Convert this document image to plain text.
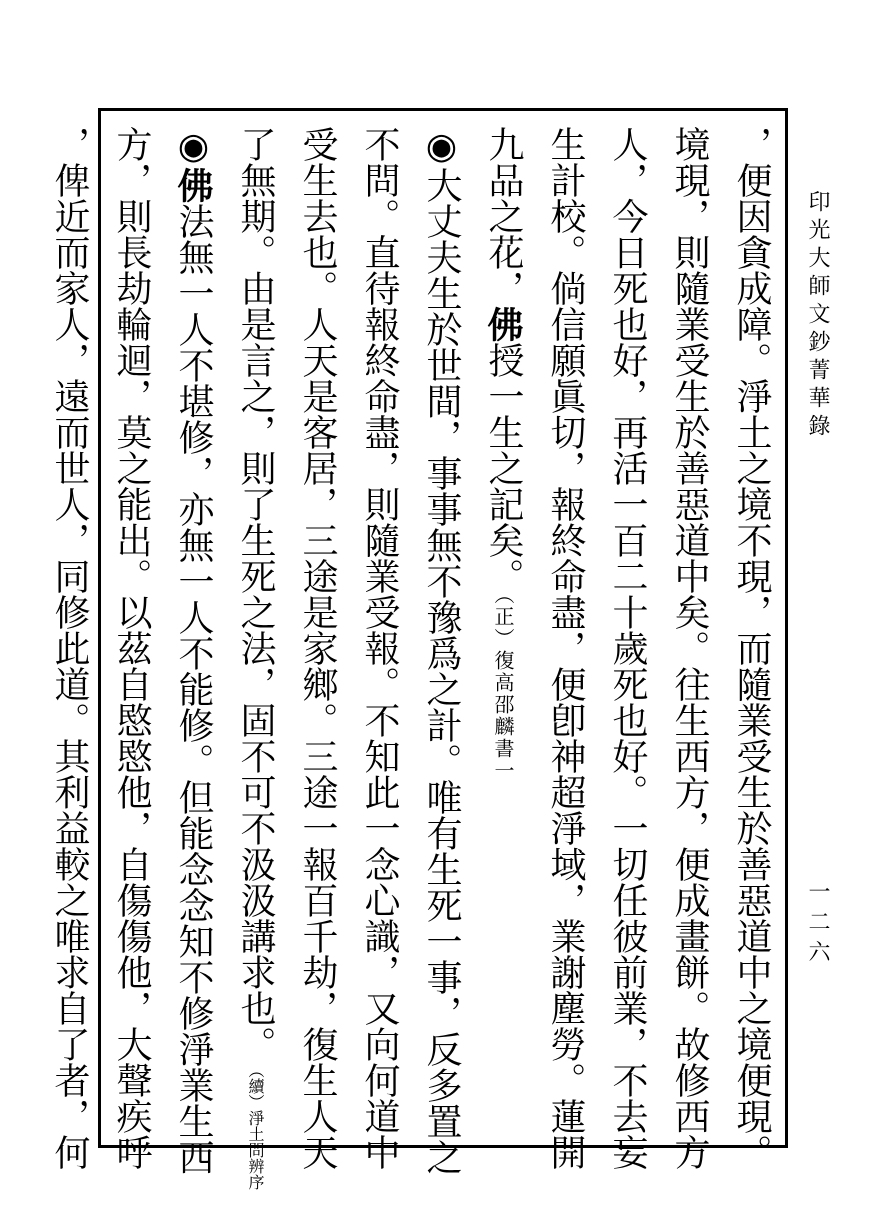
印光大師文鈔菁華錄
一二六
，便因貪成障。淨土之境不現，而隨業受生於善惡道中之境便現。
境現，則隨業受生於善惡道中矣。往生西方，便成畫餅。故修西方
人，今日死也好，再活一百二十歲死也好。一切任彼前業，不去妄
生計校。倘信願眞切，報終命盡，便卽神超淨域，業謝塵勞。蓮開
九品之花，佛授一生之記矣。（正）復高邵麟書一
◉大丈夫生於世間，事事無不豫爲之計。唯有生死一事，反多置之
不問。直待報終命盡，則隨業受報。不知此一念心識，又向何道中
受生去也。人天是客居，三途是家鄉。三途一報百千劫，復生人天
了無期。由是言之，則了生死之法，固不可不汲汲講求也。（續）淨土問辨序
◉佛法無一人不堪修，亦無一人不能修。但能念念知不修淨業生西
方，則長劫輪迴，莫之能出。以茲自愍愍他，自傷傷他，大聲疾呼
，俾近而家人，遠而世人，同修此道。其利益較之唯求自了者，何
